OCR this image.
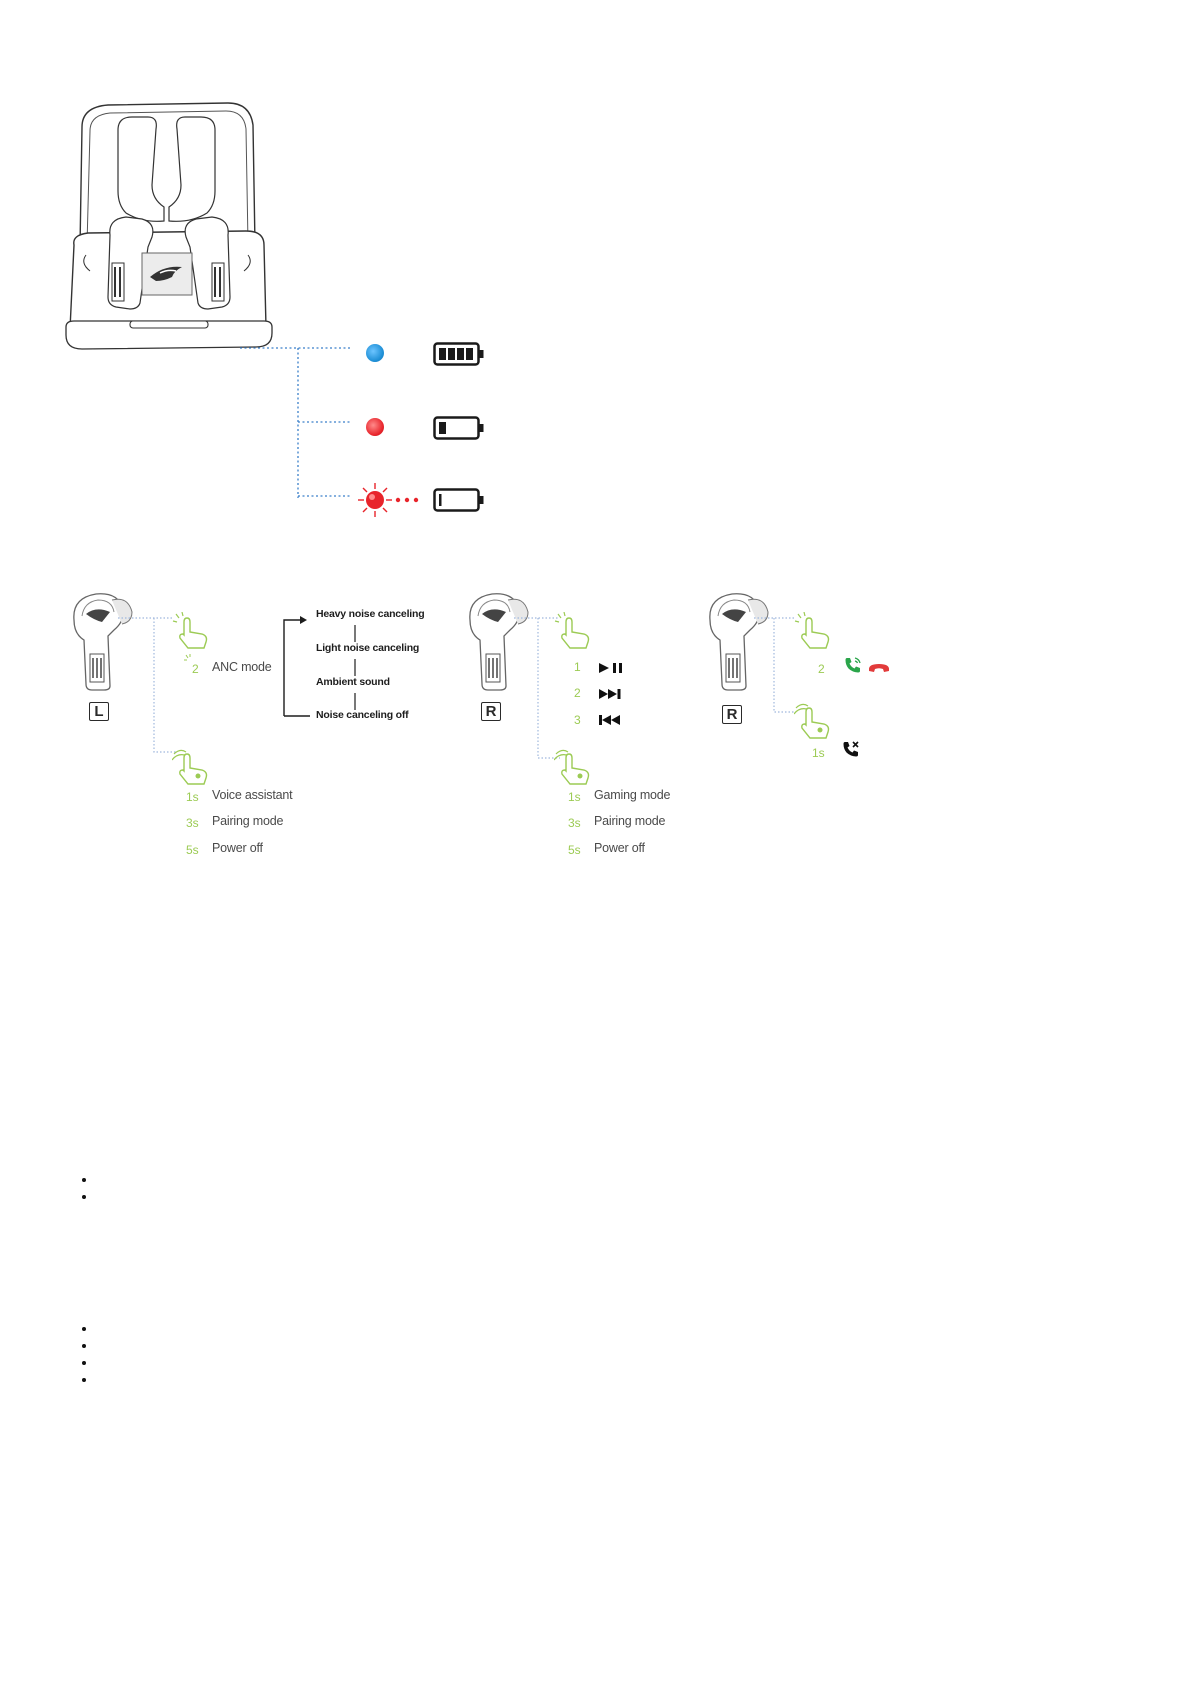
L
2 ANC mode
Heavy noise canceling
Light noise canceling
Ambient sound
Noise canceling off
1s Voice assistant
3s Pairing mode
5s Power off
R
1
2
3
1s Gaming mode
3s Pairing mode
5s Power off
R
2
1s
